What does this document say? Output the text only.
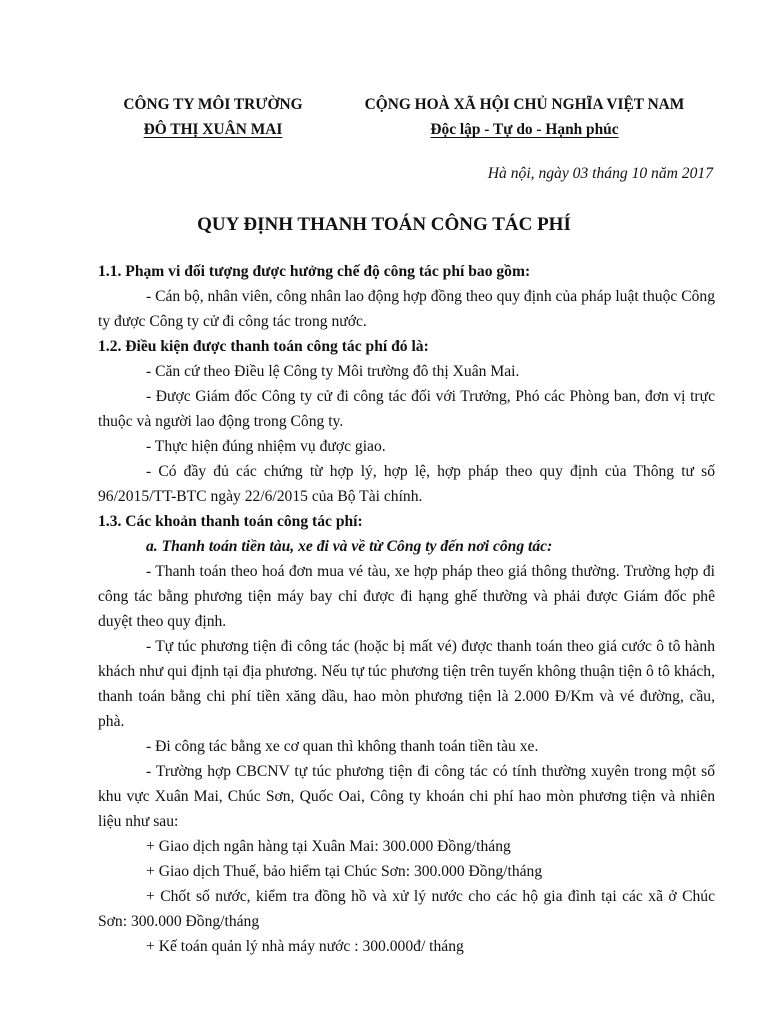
CÔNG TY MÔI TRƯỜNG
ĐÔ THỊ XUÂN MAI
CỘNG HOÀ XÃ HỘI CHỦ NGHĨA VIỆT NAM
Độc lập - Tự do - Hạnh phúc
Hà nội, ngày 03 tháng 10 năm 2017
QUY ĐỊNH THANH TOÁN CÔNG TÁC PHÍ

1.1. Phạm vi đối tượng được hưởng chế độ công tác phí bao gồm:

- Cán bộ, nhân viên, công nhân lao động hợp đồng theo quy định của pháp luật thuộc Công ty được Công ty cử đi công tác trong nước.

1.2. Điều kiện được thanh toán công tác phí đó là:

- Căn cứ theo Điều lệ Công ty Môi trường đô thị Xuân Mai.

- Được Giám đốc Công ty cử đi công tác đối với Trưởng, Phó các Phòng ban, đơn vị trực thuộc và người lao động trong Công ty.

- Thực hiện đúng nhiệm vụ được giao.

- Có đầy đủ các chứng từ hợp lý, hợp lệ, hợp pháp theo quy định của Thông tư số 96/2015/TT-BTC ngày 22/6/2015 của Bộ Tài chính.

1.3. Các khoản thanh toán công tác phí:

a. Thanh toán tiền tàu, xe đi và về từ Công ty đến nơi công tác:

- Thanh toán theo hoá đơn mua vé tàu, xe hợp pháp theo giá thông thường. Trường hợp đi công tác bằng phương tiện máy bay chỉ được đi hạng ghế thường và phải được Giám đốc phê duyệt theo quy định.

- Tự túc phương tiện đi công tác (hoặc bị mất vé) được thanh toán theo giá cước ô tô hành khách như qui định tại địa phương. Nếu tự túc phương tiện trên tuyến không thuận tiện ô tô khách, thanh toán bằng chi phí tiền xăng dầu, hao mòn phương tiện là 2.000 Đ/Km và vé đường, cầu, phà.

- Đi công tác bằng xe cơ quan thì không thanh toán tiền tàu xe.

- Trường hợp CBCNV tự túc phương tiện đi công tác có tính thường xuyên trong một số khu vực Xuân Mai, Chúc Sơn, Quốc Oai, Công ty khoán chi phí hao mòn phương tiện và nhiên liệu như sau:

+ Giao dịch ngân hàng tại Xuân Mai: 300.000 Đồng/tháng

+ Giao dịch Thuế, bảo hiểm tại Chúc Sơn: 300.000 Đồng/tháng

+ Chốt số nước, kiểm tra đồng hồ và xử lý nước cho các hộ gia đình tại các xã ở Chúc Sơn: 300.000 Đồng/tháng

+ Kế toán quản lý nhà máy nước : 300.000đ/ tháng
